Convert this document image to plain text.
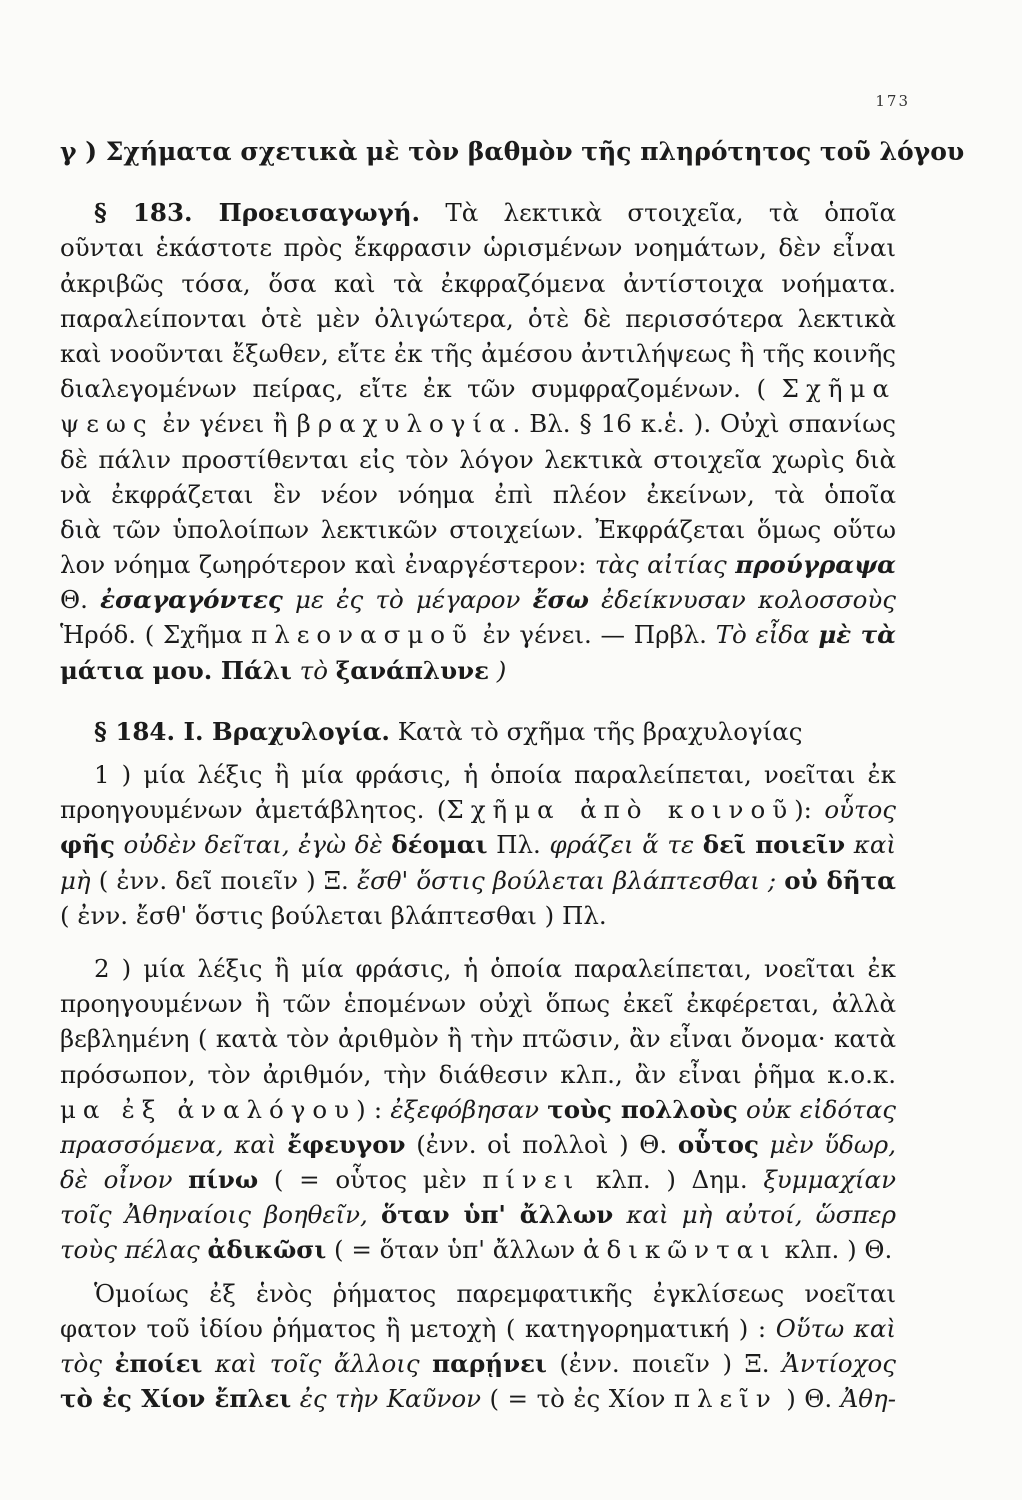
173
γ ) Σχήματα σχετικὰ μὲ τὸν βαθμὸν τῆς πληρότητος τοῦ λόγου
§ 183. Προεισαγωγή. Τὰ λεκτικὰ στοιχεῖα, τὰ ὁποῖα
οῦνται ἑκάστοτε πρὸς ἔκφρασιν ὡρισμένων νοημάτων, δὲν εἶναι
ἀκριβῶς τόσα, ὅσα καὶ τὰ ἐκφραζόμενα ἀντίστοιχα νοήματα.
παραλείπονται ὁτὲ μὲν ὀλιγώτερα, ὁτὲ δὲ περισσότερα λεκτικὰ
καὶ νοοῦνται ἔξωθεν, εἴτε ἐκ τῆς ἀμέσου ἀντιλήψεως ἢ τῆς κοινῆς
διαλεγομένων πείρας, εἴτε ἐκ τῶν συμφραζομένων. ( Σχῆμα
ψεως ἐν γένει ἢ βραχυλογία. Βλ. § 16 κ.ἑ. ). Οὐχὶ σπανίως
δὲ πάλιν προστίθενται εἰς τὸν λόγον λεκτικὰ στοιχεῖα χωρὶς διὰ
νὰ ἐκφράζεται ἓν νέον νόημα ἐπὶ πλέον ἐκείνων, τὰ ὁποῖα
διὰ τῶν ὑπολοίπων λεκτικῶν στοιχείων. Ἐκφράζεται ὅμως οὕτω
λον νόημα ζωηρότερον καὶ ἐναργέστερον: τὰς αἰτίας προύγραψα
Θ. ἐσαγαγόντες με ἐς τὸ μέγαρον ἔσω ἐδείκνυσαν κολοσσοὺς
Ἡρόδ. ( Σχῆμα πλεονασμοῦ ἐν γένει. — Πρβλ. Τὸ εἶδα μὲ τὰ
μάτια μου. Πάλι τὸ ξανάπλυνε )
§ 184. Ι. Βραχυλογία. Κατὰ τὸ σχῆμα τῆς βραχυλογίας
1 ) μία λέξις ἢ μία φράσις, ἡ ὁποία παραλείπεται, νοεῖται ἐκ
προηγουμένων ἀμετάβλητος. (Σχῆμα ἀπὸ κοινοῦ): οὗτος
φῆς οὐδὲν δεῖται, ἐγὼ δὲ δέομαι Πλ. φράζει ἅ τε δεῖ ποιεῖν καὶ
μὴ ( ἐνν. δεῖ ποιεῖν ) Ξ. ἔσθ' ὅστις βούλεται βλάπτεσθαι ; οὐ δῆτα
( ἐνν. ἔσθ' ὅστις βούλεται βλάπτεσθαι ) Πλ.
2 ) μία λέξις ἢ μία φράσις, ἡ ὁποία παραλείπεται, νοεῖται ἐκ
προηγουμένων ἢ τῶν ἑπομένων οὐχὶ ὅπως ἐκεῖ ἐκφέρεται, ἀλλὰ
βεβλημένη ( κατὰ τὸν ἀριθμὸν ἢ τὴν πτῶσιν, ἂν εἶναι ὄνομα· κατὰ
πρόσωπον, τὸν ἀριθμόν, τὴν διάθεσιν κλπ., ἂν εἶναι ῥῆμα κ.ο.κ.
μα ἐξ ἀναλόγου) : ἐξεφόβησαν τοὺς πολλοὺς οὐκ εἰδότας
πρασσόμενα, καὶ ἔφευγον (ἐνν. οἱ πολλοὶ ) Θ. οὗτος μὲν ὕδωρ,
δὲ οἶνον πίνω ( = οὗτος μὲν πίνει κλπ. ) Δημ. ξυμμαχίαν
τοῖς Ἀθηναίοις βοηθεῖν, ὅταν ὑπ' ἄλλων καὶ μὴ αὐτοί, ὥσπερ
τοὺς πέλας ἀδικῶσι ( = ὅταν ὑπ' ἄλλων ἀδικῶνται κλπ. ) Θ.
Ὁμοίως ἐξ ἑνὸς ῥήματος παρεμφατικῆς ἐγκλίσεως νοεῖται
φατον τοῦ ἰδίου ῥήματος ἢ μετοχὴ ( κατηγορηματική ) : Οὕτω καὶ
τὸς ἐποίει καὶ τοῖς ἄλλοις παρῄνει (ἐνν. ποιεῖν ) Ξ. Ἀντίοχος
τὸ ἐς Χίον ἔπλει ἐς τὴν Καῦνον ( = τὸ ἐς Χίον πλεῖν ) Θ. Ἀθη-
